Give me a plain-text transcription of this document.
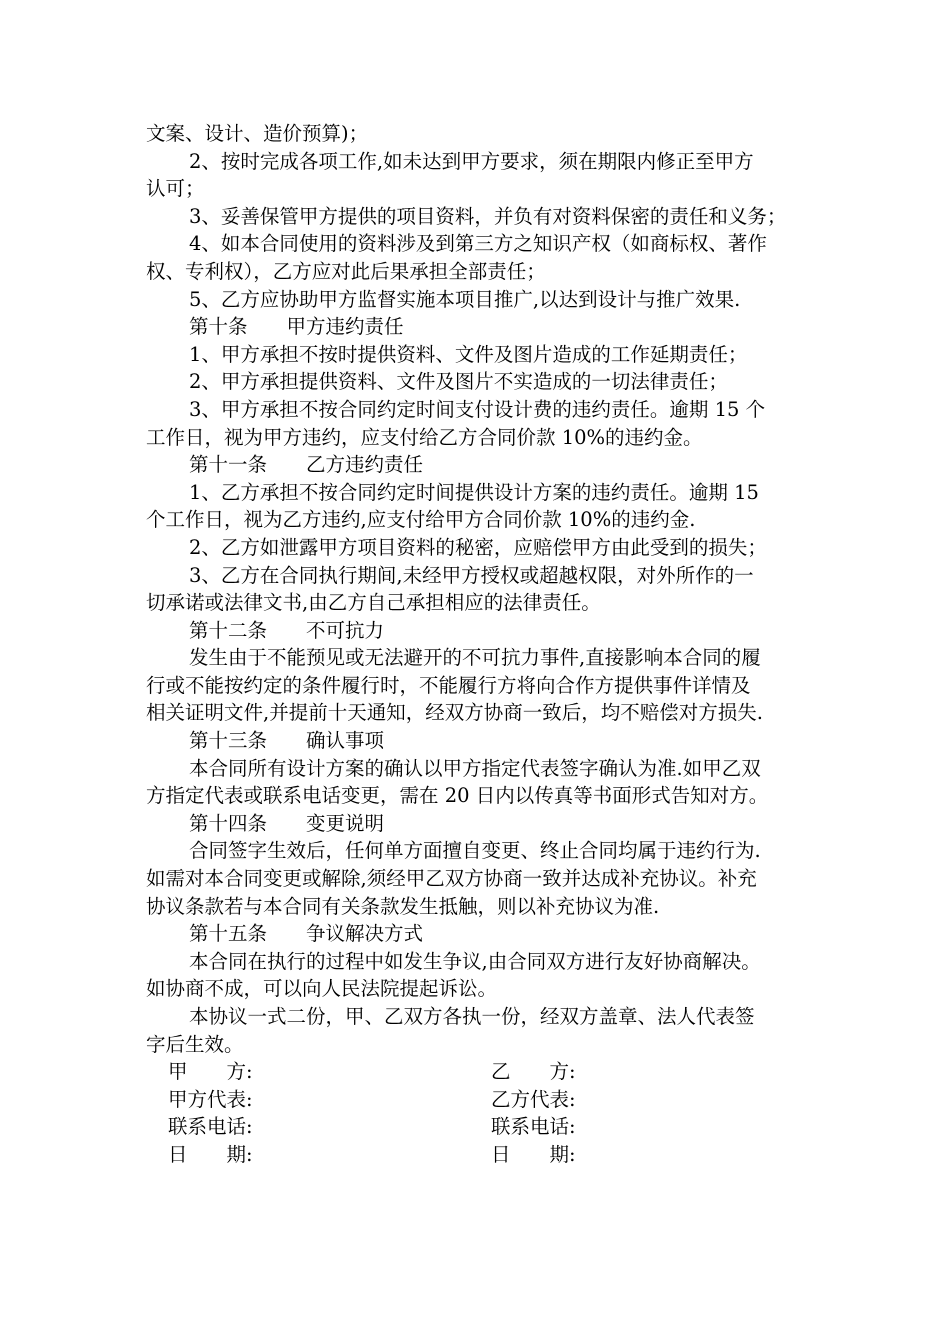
文案、设计、造价预算)；
2、按时完成各项工作,如未达到甲方要求，须在期限内修正至甲方
认可；
3、妥善保管甲方提供的项目资料，并负有对资料保密的责任和义务；
4、如本合同使用的资料涉及到第三方之知识产权（如商标权、著作
权、专利权），乙方应对此后果承担全部责任；
5、乙方应协助甲方监督实施本项目推广,以达到设计与推广效果.
第十条　　甲方违约责任
1、甲方承担不按时提供资料、文件及图片造成的工作延期责任；
2、甲方承担提供资料、文件及图片不实造成的一切法律责任；
3、甲方承担不按合同约定时间支付设计费的违约责任。逾期 15 个
工作日，视为甲方违约，应支付给乙方合同价款 10%的违约金。
第十一条　　乙方违约责任
1、乙方承担不按合同约定时间提供设计方案的违约责任。逾期 15
个工作日，视为乙方违约,应支付给甲方合同价款 10%的违约金.
2、乙方如泄露甲方项目资料的秘密，应赔偿甲方由此受到的损失；
3、乙方在合同执行期间,未经甲方授权或超越权限，对外所作的一
切承诺或法律文书,由乙方自己承担相应的法律责任。
第十二条　　不可抗力
发生由于不能预见或无法避开的不可抗力事件,直接影响本合同的履
行或不能按约定的条件履行时，不能履行方将向合作方提供事件详情及
相关证明文件,并提前十天通知，经双方协商一致后，均不赔偿对方损失.
第十三条　　确认事项
本合同所有设计方案的确认以甲方指定代表签字确认为准.如甲乙双
方指定代表或联系电话变更，需在 20 日内以传真等书面形式告知对方。
第十四条　　变更说明
合同签字生效后，任何单方面擅自变更、终止合同均属于违约行为.
如需对本合同变更或解除,须经甲乙双方协商一致并达成补充协议。补充
协议条款若与本合同有关条款发生抵触，则以补充协议为准.
第十五条　　争议解决方式
本合同在执行的过程中如发生争议,由合同双方进行友好协商解决。
如协商不成，可以向人民法院提起诉讼。
本协议一式二份，甲、乙双方各执一份，经双方盖章、法人代表签
字后生效。
甲　　方:	乙　　方:
甲方代表:	乙方代表:
联系电话:	联系电话:
日　　期:	日　　期:
